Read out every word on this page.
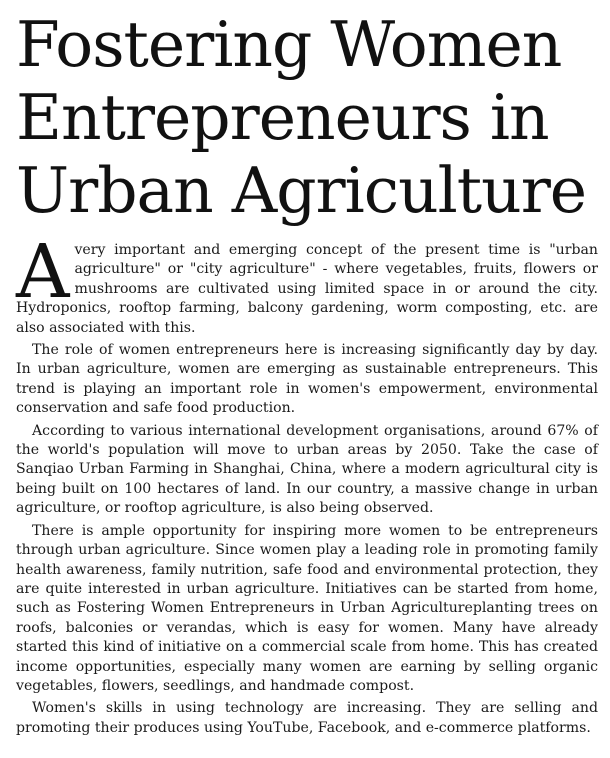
Fostering Women Entrepreneurs in Urban Agriculture

A very important and emerging concept of the present time is "urban agriculture" or "city agriculture" - where vegetables, fruits, flowers or mushrooms are cultivated using limited space in or around the city. Hydroponics, rooftop farming, balcony gardening, worm composting, etc. are also associated with this.

The role of women entrepreneurs here is increasing significantly day by day. In urban agriculture, women are emerging as sustainable entrepreneurs. This trend is playing an important role in women's empowerment, environmental conservation and safe food production.

According to various international development organisations, around 67% of the world's population will move to urban areas by 2050. Take the case of Sanqiao Urban Farming in Shanghai, China, where a modern agricultural city is being built on 100 hectares of land. In our country, a massive change in urban agriculture, or rooftop agriculture, is also being observed.

There is ample opportunity for inspiring more women to be entrepreneurs through urban agriculture. Since women play a leading role in promoting family health awareness, family nutrition, safe food and environmental protection, they are quite interested in urban agriculture. Initiatives can be started from home, such as Fostering Women Entrepreneurs in Urban Agricultureplanting trees on roofs, balconies or verandas, which is easy for women. Many have already started this kind of initiative on a commercial scale from home. This has created income opportunities, especially many women are earning by selling organic vegetables, flowers, seedlings, and handmade compost.

Women's skills in using technology are increasing. They are selling and promoting their produces using YouTube, Facebook, and e-commerce platforms.
